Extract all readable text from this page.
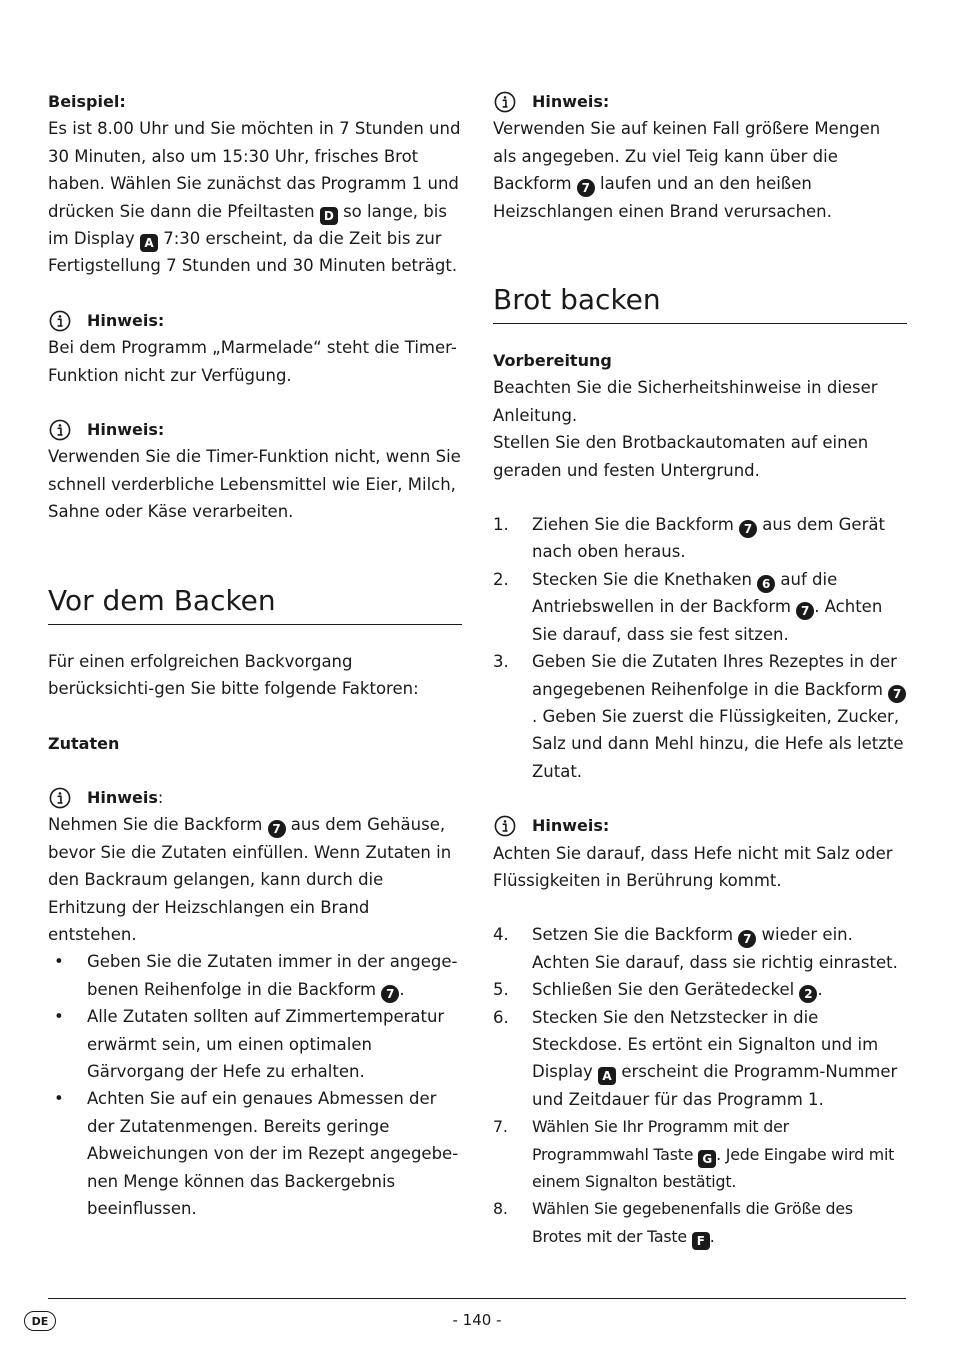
Beispiel:

Es ist 8.00 Uhr und Sie möchten in 7 Stunden und 30 Minuten, also um 15:30 Uhr, frisches Brot haben. Wählen Sie zunächst das Programm 1 und drücken Sie dann die Pfeiltasten D so lange, bis im Display A 7:30 erscheint, da die Zeit bis zur Fertigstellung 7 Stunden und 30 Minuten beträgt.

Hinweis:

Bei dem Programm „Marmelade“ steht die Timer-Funktion nicht zur Verfügung.

Hinweis:

Verwenden Sie die Timer-Funktion nicht, wenn Sie schnell verderbliche Lebensmittel wie Eier, Milch, Sahne oder Käse verarbeiten.

Vor dem Backen

Für einen erfolgreichen Backvorgang berücksichti-gen Sie bitte folgende Faktoren:

Zutaten

Hinweis :

Nehmen Sie die Backform 7 aus dem Gehäuse, bevor Sie die Zutaten einfüllen. Wenn Zutaten in den Backraum gelangen, kann durch die Erhitzung der Heizschlangen ein Brand entstehen.

• Geben Sie die Zutaten immer in der angege-benen Reihenfolge in die Backform 7 .
• Alle Zutaten sollten auf Zimmertemperatur erwärmt sein, um einen optimalen Gärvorgang der Hefe zu erhalten.
• Achten Sie auf ein genaues Abmessen der der Zutatenmengen. Bereits geringe Abweichungen von der im Rezept angegebe-nen Menge können das Backergebnis beeinflussen.
Hinweis:

Verwenden Sie auf keinen Fall größere Mengen als angegeben. Zu viel Teig kann über die Backform 7 laufen und an den heißen Heizschlangen einen Brand verursachen.

Brot backen

Vorbereitung

Beachten Sie die Sicherheitshinweise in dieser Anleitung.

Stellen Sie den Brotbackautomaten auf einen geraden und festen Untergrund.

1. Ziehen Sie die Backform 7 aus dem Gerät nach oben heraus.
2. Stecken Sie die Knethaken 6 auf die Antriebswellen in der Backform 7 . Achten Sie darauf, dass sie fest sitzen.
3. Geben Sie die Zutaten Ihres Rezeptes in der angegebenen Reihenfolge in die Backform 7. Geben Sie zuerst die Flüssigkeiten, Zucker, Salz und dann Mehl hinzu, die Hefe als letzte Zutat.
Hinweis:

Achten Sie darauf, dass Hefe nicht mit Salz oder Flüssigkeiten in Berührung kommt.

4. Setzen Sie die Backform 7 wieder ein. Achten Sie darauf, dass sie richtig einrastet.
5. Schließen Sie den Gerätedeckel 2 .
6. Stecken Sie den Netzstecker in die Steckdose. Es ertönt ein Signalton und im Display A erscheint die Programm-Nummer und Zeitdauer für das Programm 1.
7. Wählen Sie Ihr Programm mit der Programmwahl Taste G . Jede Eingabe wird mit einem Signalton bestätigt.
8. Wählen Sie gegebenenfalls die Größe des Brotes mit der Taste F .
DE	- 140 -
